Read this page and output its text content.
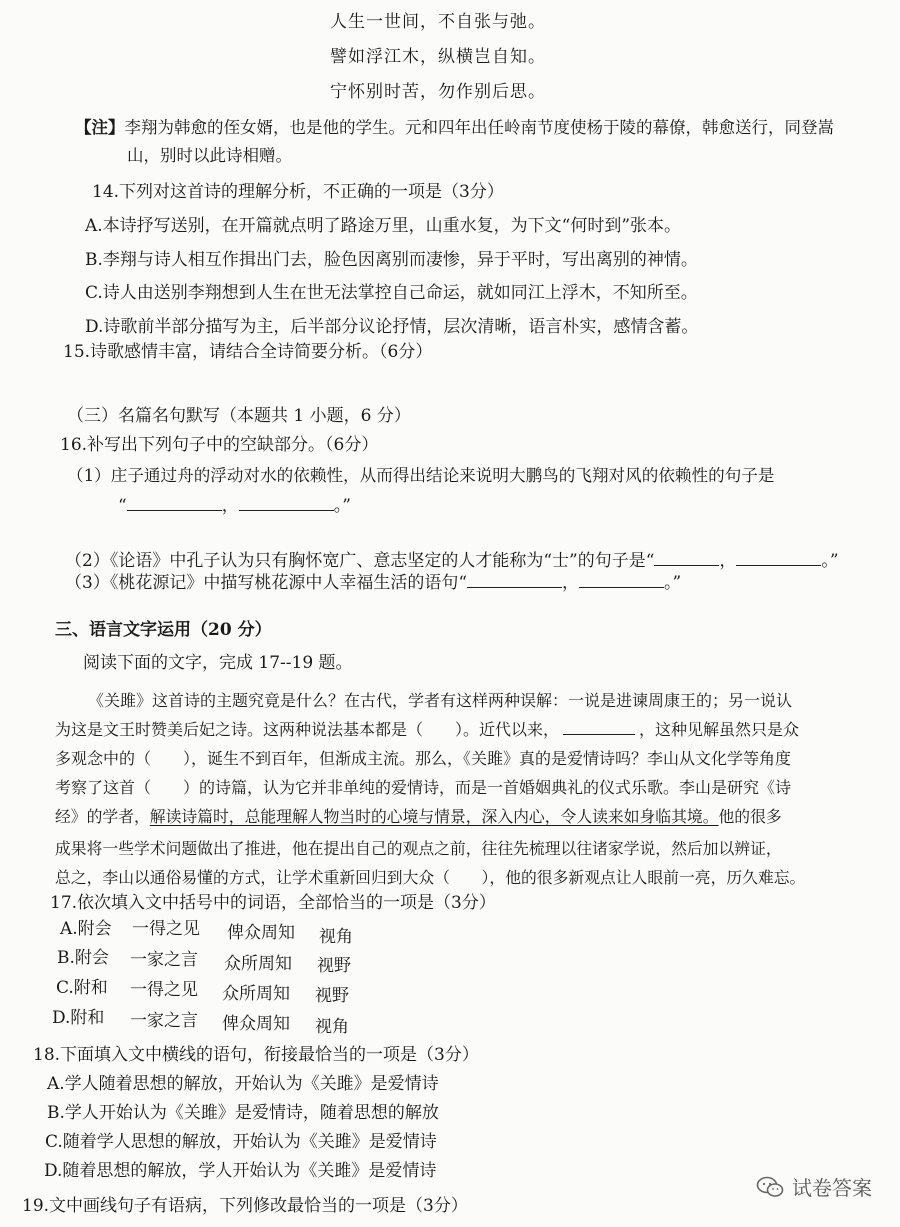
人生一世间，不自张与弛。
譬如浮江木，纵横岂自知。
宁怀别时苦，勿作别后思。
【注】李翔为韩愈的侄女婿，也是他的学生。元和四年出任岭南节度使杨于陵的幕僚，韩愈送行，同登嵩
山，别时以此诗相赠。
14.下列对这首诗的理解分析，不正确的一项是（3分）
A.本诗抒写送别，在开篇就点明了路途万里，山重水复，为下文“何时到”张本。
B.李翔与诗人相互作揖出门去，脸色因离别而凄惨，异于平时，写出离别的神情。
C.诗人由送别李翔想到人生在世无法掌控自己命运，就如同江上浮木，不知所至。
D.诗歌前半部分描写为主，后半部分议论抒情，层次清晰，语言朴实，感情含蓄。
15.诗歌感情丰富，请结合全诗简要分析。（6分）
（三）名篇名句默写（本题共 1 小题，6 分）
16.补写出下列句子中的空缺部分。（6分）
（1）庄子通过舟的浮动对水的依赖性，从而得出结论来说明大鹏鸟的飞翔对风的依赖性的句子是
“	，	。”
（2）《论语》中孔子认为只有胸怀宽广、意志坚定的人才能称为“士”的句子是“	，	。”
（3）《桃花源记》中描写桃花源中人幸福生活的语句“	，	。”
三、语言文字运用（20 分）
阅读下面的文字，完成 17--19 题。
《关雎》这首诗的主题究竟是什么？在古代，学者有这样两种误解：一说是进谏周康王的；另一说认
为这是文王时赞美后妃之诗。这两种说法基本都是（　　）。近代以来，	，这种见解虽然只是众
多观念中的（　　），诞生不到百年，但渐成主流。那么，《关雎》真的是爱情诗吗？李山从文化学等角度
考察了这首（　　）的诗篇，认为它并非单纯的爱情诗，而是一首婚姻典礼的仪式乐歌。李山是研究《诗
经》的学者，解读诗篇时，总能理解人物当时的心境与情景，深入内心，令人读来如身临其境。他的很多
成果将一些学术问题做出了推进，他在提出自己的观点之前，往往先梳理以往诸家学说，然后加以辨证，
总之，李山以通俗易懂的方式，让学术重新回归到大众（　　），他的很多新观点让人眼前一亮，历久难忘。
17.依次填入文中括号中的词语，全部恰当的一项是（3分）
A.附会 一得之见 俾众周知 视角
B.附会 一家之言 众所周知 视野
C.附和 一得之见 众所周知 视野
D.附和 一家之言 俾众周知 视角
18.下面填入文中横线的语句，衔接最恰当的一项是（3分）
A.学人随着思想的解放，开始认为《关雎》是爱情诗
B.学人开始认为《关雎》是爱情诗，随着思想的解放
C.随着学人思想的解放，开始认为《关雎》是爱情诗
D.随着思想的解放，学人开始认为《关雎》是爱情诗
19.文中画线句子有语病，下列修改最恰当的一项是（3分）
试卷答案
